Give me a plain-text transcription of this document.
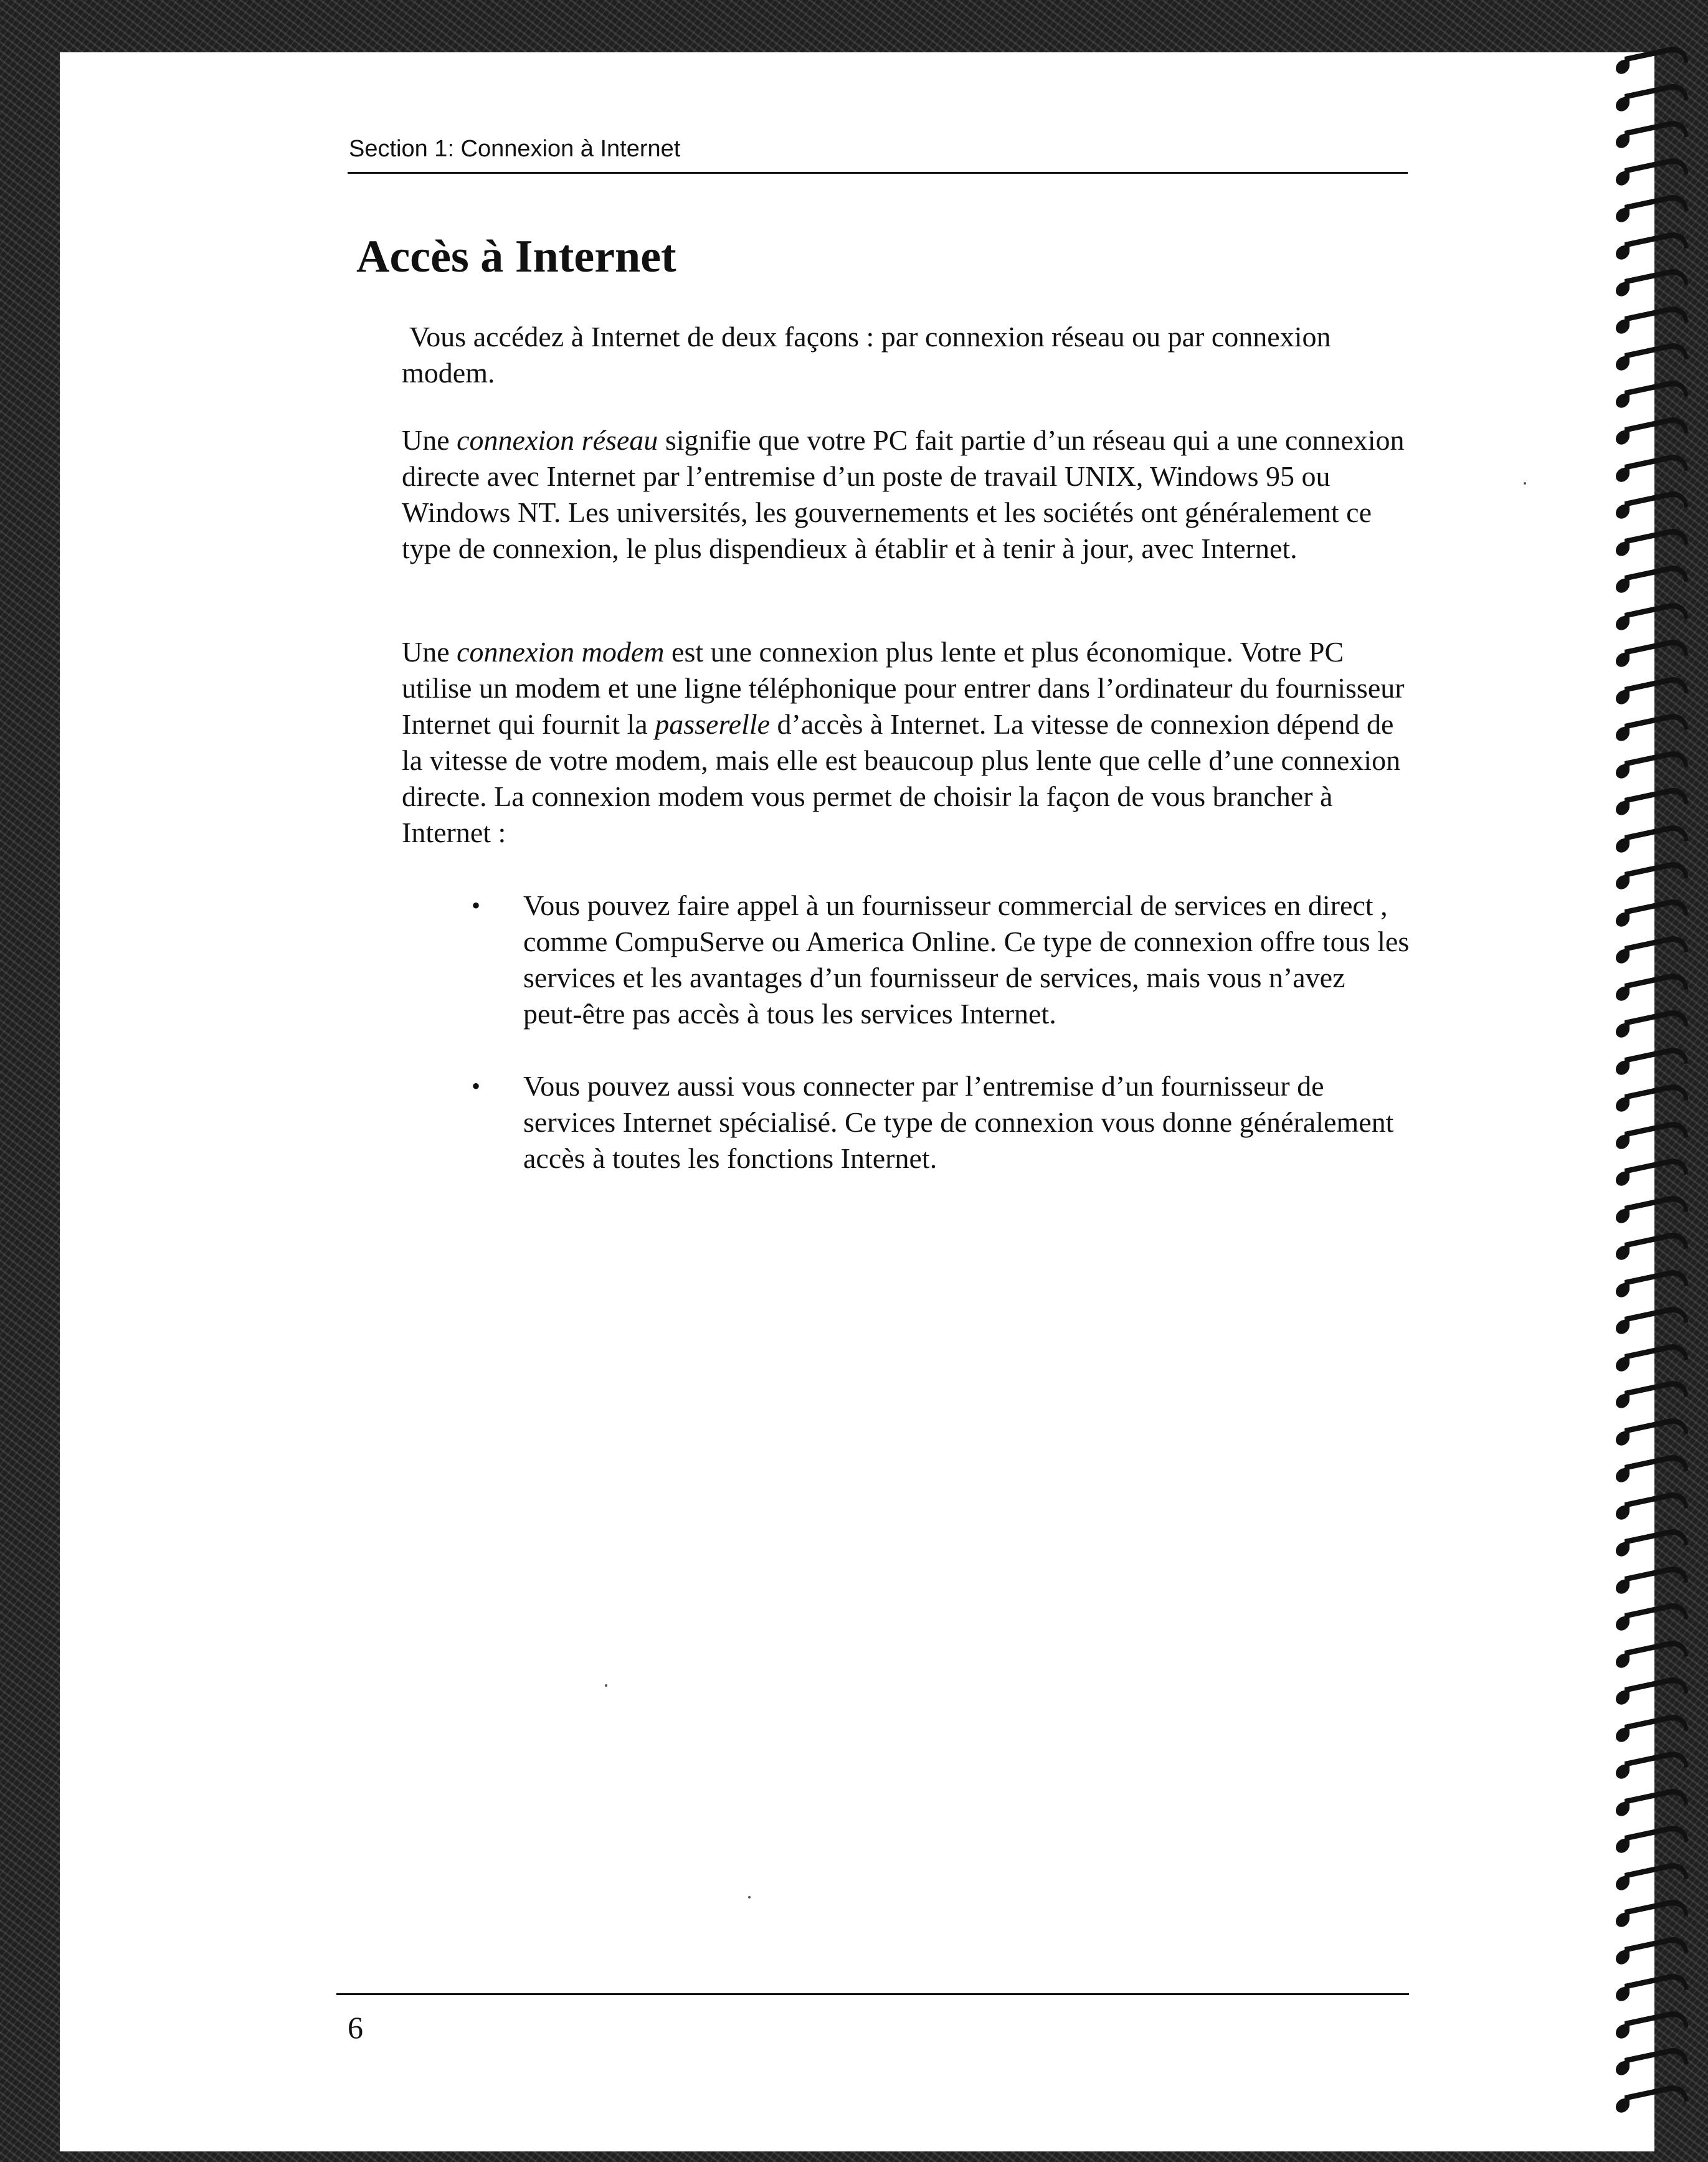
Section 1: Connexion à Internet
Accès à Internet

Vous accédez à Internet de deux façons : par connexion réseau ou par connexion modem.

Une connexion réseau signifie que votre PC fait partie d’un réseau qui a une connexion directe avec Internet par l’entremise d’un poste de travail UNIX, Windows 95 ou Windows NT. Les universités, les gouvernements et les sociétés ont généralement ce type de connexion, le plus dispendieux à établir et à tenir à jour, avec Internet.

Une connexion modem est une connexion plus lente et plus économique. Votre PC utilise un modem et une ligne téléphonique pour entrer dans l’ordinateur du fournisseur Internet qui fournit la passerelle d’accès à Internet. La vitesse de connexion dépend de la vitesse de votre modem, mais elle est beaucoup plus lente que celle d’une connexion directe. La connexion modem vous permet de choisir la façon de vous brancher à Internet :

• Vous pouvez faire appel à un fournisseur commercial de services en direct , comme CompuServe ou America Online. Ce type de connexion offre tous les services et les avantages d’un fournisseur de services, mais vous n’avez peut-être pas accès à tous les services Internet.
• Vous pouvez aussi vous connecter par l’entremise d’un fournisseur de services Internet spécialisé. Ce type de connexion vous donne généralement accès à toutes les fonctions Internet.
6
